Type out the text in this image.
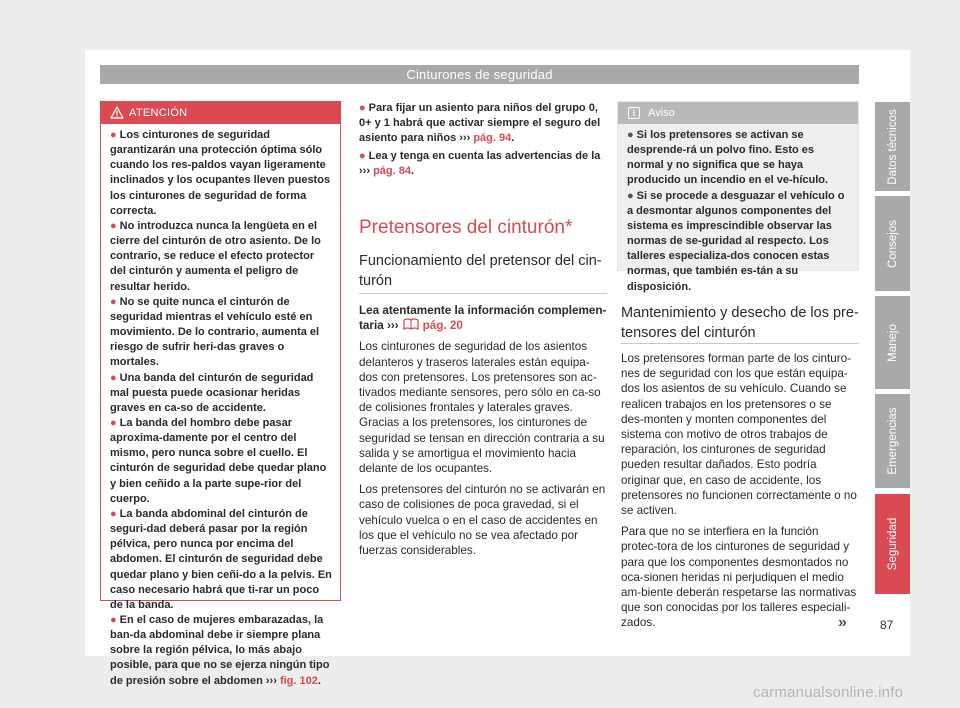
Cinturones de seguridad
ATENCIÓN
● Los cinturones de seguridad garantizarán una protección óptima sólo cuando los res-paldos vayan ligeramente inclinados y los ocupantes lleven puestos los cinturones de seguridad de forma correcta.
● No introduzca nunca la lengüeta en el cierre del cinturón de otro asiento. De lo contrario, se reduce el efecto protector del cinturón y aumenta el peligro de resultar herido.
● No se quite nunca el cinturón de seguridad mientras el vehículo esté en movimiento. De lo contrario, aumenta el riesgo de sufrir heri-das graves o mortales.
● Una banda del cinturón de seguridad mal puesta puede ocasionar heridas graves en ca-so de accidente.
● La banda del hombro debe pasar aproxima-damente por el centro del mismo, pero nunca sobre el cuello. El cinturón de seguridad debe quedar plano y bien ceñido a la parte supe-rior del cuerpo.
● La banda abdominal del cinturón de seguri-dad deberá pasar por la región pélvica, pero nunca por encima del abdomen. El cinturón de seguridad debe quedar plano y bien ceñi-do a la pelvis. En caso necesario habrá que ti-rar un poco de la banda.
● En el caso de mujeres embarazadas, la ban-da abdominal debe ir siempre plana sobre la región pélvica, lo más abajo posible, para que no se ejerza ningún tipo de presión sobre el abdomen ››› fig. 102.
● Para fijar un asiento para niños del grupo 0, 0+ y 1 habrá que activar siempre el seguro del asiento para niños ››› pág. 94.
● Lea y tenga en cuenta las advertencias de la ››› pág. 84.
Pretensores del cinturón*
Funcionamiento del pretensor del cin-turón

Lea atentamente la información complemen-taria ››› pág. 20

Los cinturones de seguridad de los asientos delanteros y traseros laterales están equipa-dos con pretensores. Los pretensores son ac-tivados mediante sensores, pero sólo en ca-so de colisiones frontales y laterales graves. Gracias a los pretensores, los cinturones de seguridad se tensan en dirección contraria a su salida y se amortigua el movimiento hacia delante de los ocupantes.

Los pretensores del cinturón no se activarán en caso de colisiones de poca gravedad, si el vehículo vuelca o en el caso de accidentes en los que el vehículo no se vea afectado por fuerzas considerables.

i	Aviso
● Si los pretensores se activan se desprende-rá un polvo fino. Esto es normal y no significa que se haya producido un incendio en el ve-hículo.
● Si se procede a desguazar el vehículo o a desmontar algunos componentes del sistema es imprescindible observar las normas de se-guridad al respecto. Los talleres especializa-dos conocen estas normas, que también es-tán a su disposición.
Mantenimiento y desecho de los pre-tensores del cinturón

Los pretensores forman parte de los cinturo-nes de seguridad con los que están equipa-dos los asientos de su vehículo. Cuando se realicen trabajos en los pretensores o se des-monten y monten componentes del sistema con motivo de otros trabajos de reparación, los cinturones de seguridad pueden resultar dañados. Esto podría originar que, en caso de accidente, los pretensores no funcionen correctamente o no se activen.

Para que no se interfiera en la función protec-tora de los cinturones de seguridad y para que los componentes desmontados no oca-sionen heridas ni perjudiquen el medio am-biente deberán respetarse las normativas que son conocidas por los talleres especiali-zados.	»
Datos técnicos
Consejos
Manejo
Emergencias
Seguridad
87
carmanualsonline.info
